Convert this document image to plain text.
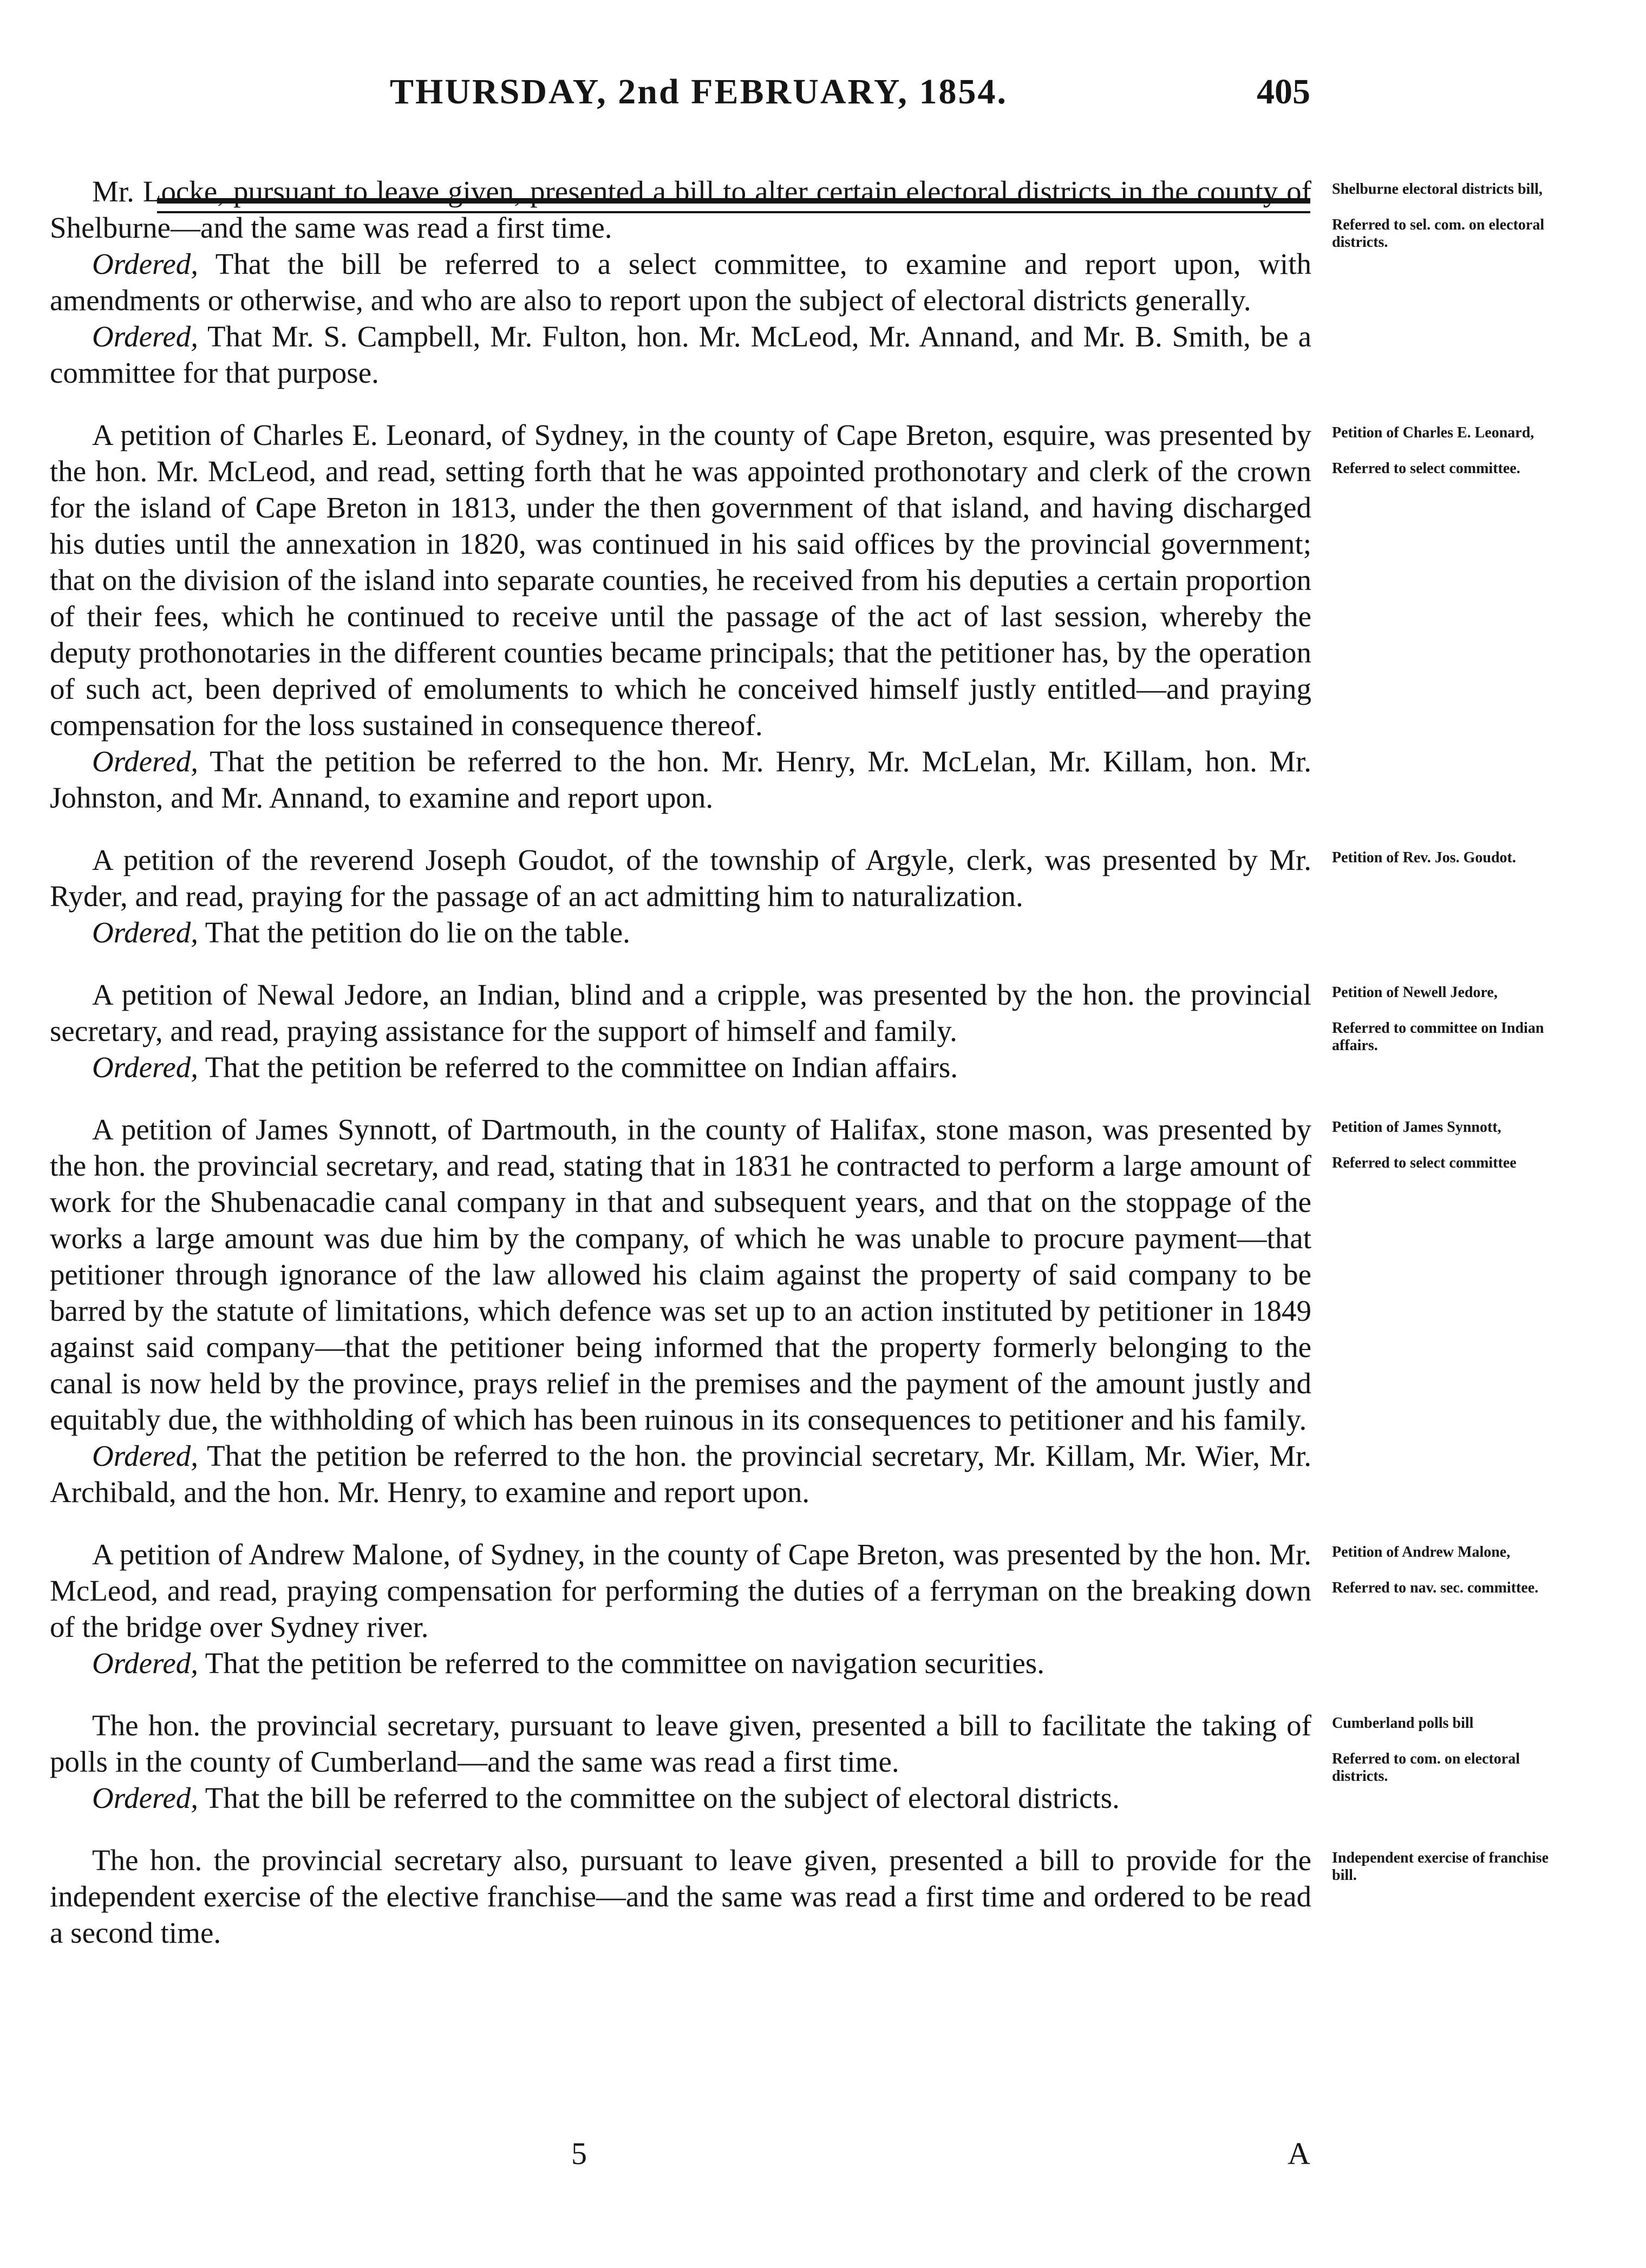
THURSDAY, 2nd FEBRUARY, 1854.	405

Mr. Locke, pursuant to leave given, presented a bill to alter certain electoral districts in the county of Shelburne—and the same was read a first time.

Ordered, That the bill be referred to a select committee, to examine and report upon, with amendments or otherwise, and who are also to report upon the subject of electoral districts generally.

Ordered, That Mr. S. Campbell, Mr. Fulton, hon. Mr. McLeod, Mr. Annand, and Mr. B. Smith, be a committee for that purpose.

Shelburne electoral districts bill,
Referred to sel. com. on electoral districts.

A petition of Charles E. Leonard, of Sydney, in the county of Cape Breton, esquire, was presented by the hon. Mr. McLeod, and read, setting forth that he was appointed prothonotary and clerk of the crown for the island of Cape Breton in 1813, under the then government of that island, and having discharged his duties until the annexation in 1820, was continued in his said offices by the provincial government; that on the division of the island into separate counties, he received from his deputies a certain proportion of their fees, which he continued to receive until the passage of the act of last session, whereby the deputy prothonotaries in the different counties became principals; that the petitioner has, by the operation of such act, been deprived of emoluments to which he conceived himself justly entitled—and praying compensation for the loss sustained in consequence thereof.

Ordered, That the petition be referred to the hon. Mr. Henry, Mr. McLelan, Mr. Killam, hon. Mr. Johnston, and Mr. Annand, to examine and report upon.

Petition of Charles E. Leonard,
Referred to select committee.

A petition of the reverend Joseph Goudot, of the township of Argyle, clerk, was presented by Mr. Ryder, and read, praying for the passage of an act admitting him to naturalization.

Ordered, That the petition do lie on the table.

Petition of Rev. Jos. Goudot.

A petition of Newal Jedore, an Indian, blind and a cripple, was presented by the hon. the provincial secretary, and read, praying assistance for the support of himself and family.

Ordered, That the petition be referred to the committee on Indian affairs.

Petition of Newell Jedore,
Referred to committee on Indian affairs.

A petition of James Synnott, of Dartmouth, in the county of Halifax, stone mason, was presented by the hon. the provincial secretary, and read, stating that in 1831 he contracted to perform a large amount of work for the Shubenacadie canal company in that and subsequent years, and that on the stoppage of the works a large amount was due him by the company, of which he was unable to procure payment—that petitioner through ignorance of the law allowed his claim against the property of said company to be barred by the statute of limitations, which defence was set up to an action instituted by petitioner in 1849 against said company—that the petitioner being informed that the property formerly belonging to the canal is now held by the province, prays relief in the premises and the payment of the amount justly and equitably due, the withholding of which has been ruinous in its consequences to petitioner and his family.

Ordered, That the petition be referred to the hon. the provincial secretary, Mr. Killam, Mr. Wier, Mr. Archibald, and the hon. Mr. Henry, to examine and report upon.

Petition of James Synnott,
Referred to select committee

A petition of Andrew Malone, of Sydney, in the county of Cape Breton, was presented by the hon. Mr. McLeod, and read, praying compensation for performing the duties of a ferryman on the breaking down of the bridge over Sydney river.

Ordered, That the petition be referred to the committee on navigation securities.

Petition of Andrew Malone,
Referred to nav. sec. committee.

The hon. the provincial secretary, pursuant to leave given, presented a bill to facilitate the taking of polls in the county of Cumberland—and the same was read a first time.

Ordered, That the bill be referred to the committee on the subject of electoral districts.

Cumberland polls bill
Referred to com. on electoral districts.

The hon. the provincial secretary also, pursuant to leave given, presented a bill to provide for the independent exercise of the elective franchise—and the same was read a first time and ordered to be read a second time.

Independent exercise of franchise bill.
5	A
